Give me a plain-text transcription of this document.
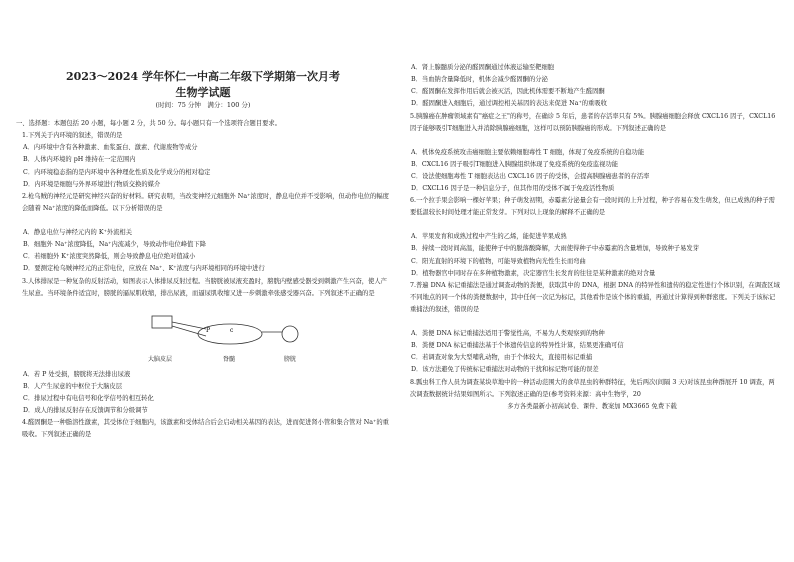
2023～2024 学年怀仁一中高二年级下学期第一次月考
生物学试题
(时间：75 分钟　满分：100 分)

一、选择题：本题包括 20 小题，每小题 2 分，共 50 分。每小题只有一个选项符合题目要求。

1.下列关于内环境的叙述，错误的是

A．内环境中含有各种激素、血浆蛋白、激素、代谢废物等成分

B．人体内环境的 pH 维持在一定范围内

C．内环境稳态指的是内环境中各种理化性质及化学成分的相对稳定

D．内环境是细胞与外界环境进行物质交换的媒介

2.枪乌贼的神经元是研究神经兴奋的好材料。研究表明，当改变神经元细胞外 Na⁺浓度时，静息电位并不受影响，但动作电位的幅度会随着 Na⁺浓度的降低而降低。以下分析错误的是

A．静息电位与神经元内的 K⁺外流相关

B．细胞外 Na⁺浓度降低，Na⁺内流减少，导致动作电位峰值下降

C．若细胞外 K⁺浓度突然降低，则会导致静息电位绝对值减小

D．要测定枪乌贼神经元的正常电位，应放在 Na⁺、K⁺浓度与内环境相同的环境中进行

3.人体排尿是一种复杂的反射活动，如图表示人体排尿反射过程。当膀胱被尿液充盈时，膀胱内壁感受器受到刺激产生兴奋，使人产生尿意。当环境条件适宜时，膀胱的逼尿肌收缩，排出尿液，而逼尿肌收缩又进一步刺激牵张感受器兴奋。下列叙述不正确的是

P	c
大脑皮层	脊髓	膀胱

A．若 P 处受损，膀胱将无法排出尿液

B．人产生尿意的中枢位于大脑皮层

C．排尿过程中有电信号和化学信号的相互转化

D．成人的排尿反射存在反馈调节和分级调节

4.醛固酮是一种脂溶性激素，其受体位于细胞内，该激素和受体结合后会启动相关基因的表达，进而促进肾小管和集合管对 Na⁺的重吸收。下列叙述正确的是

A．肾上腺髓质分泌的醛固酮通过体液运输至靶细胞

B．当血钠含量降低时，机体会减少醛固酮的分泌

C．醛固酮在发挥作用后就会被灭活，因此机体需要不断地产生醛固酮

D．醛固酮进入细胞后，通过调控相关基因的表达来促进 Na⁺的重吸收

5.胰腺癌在肿瘤领域素有"癌症之王"的称号，在确诊 5 年后，患者的存活率只有 5%。胰腺癌细胞会释放 CXCL16 因子，CXCL16 因子能够吸引T细胞进入并消除胰腺癌细胞，这样可以预防胰腺癌的形成。下列叙述正确的是

A．机体免疫系统攻击癌细胞主要依赖细胞毒性 T 细胞，体现了免疫系统的自稳功能

B．CXCL16 因子吸引T细胞进入胰腺组织体现了免疫系统的免疫监视功能

C．设法使细胞毒性 T 细胞表达出 CXCL16 因子的受体，会提高胰腺癌患者的存活率

D．CXCL16 因子是一种信息分子，但其作用的受体不属于免疫活性物质

6.一个拉手果会影响一棵好苹果；种子萌发初期，赤霉素分泌量会有一段时间的上升过程，种子容易在发生萌发，但已成熟的种子需要低温较长时间处理才能正常发芽。下列对以上现象的解释不正确的是

A．苹果发育和成熟过程中产生的乙烯，能促进苹果成熟

B．持续一段时间高温，能使种子中的脱落酸降解，大雨使得种子中赤霉素的含量增加，导致种子易发芽

C．阳光直射的环境下的植物，可能导致植物向光性生长而弯曲

D．植物器官中同时存在多种植物激素，决定器官生长发育的往往是某种激素的绝对含量

7.普遍 DNA 标记重捕法是通过调查动物的粪便，获取其中的 DNA，根据 DNA 的特异性和遗传的稳定性进行个体识别，在调查区域不同地点的同一个体的粪便数据中，其中任何一次记为标记，其他看作是该个体的重捕，再通过计算得到种群密度。下列关于该标记重捕法的叙述，错误的是

A．粪便 DNA 标记重捕法适用于警觉性高，不易为人类观察到的物种

B．粪便 DNA 标记重捕法基于个体遗传信息的特异性计算，结果更准确可信

C．若调查对象为大型哺乳动物，由于个体较大，直接用标记重捕

D．该方法避免了传统标记重捕法对动物的干扰和标记物可能的误差

8.瓢虫科工作人员为调查某块草地中的一种活动范围大的食草昆虫的种群特征，先后两次(间隔 3 天)对该昆虫种群展开 10 调查，两次调查数据统计结果如图所示。下列叙述正确的是(参考资料来源：高中生物学，20

多方各类最新小初高试卷、课件、教案加 MX3665 免费下载
